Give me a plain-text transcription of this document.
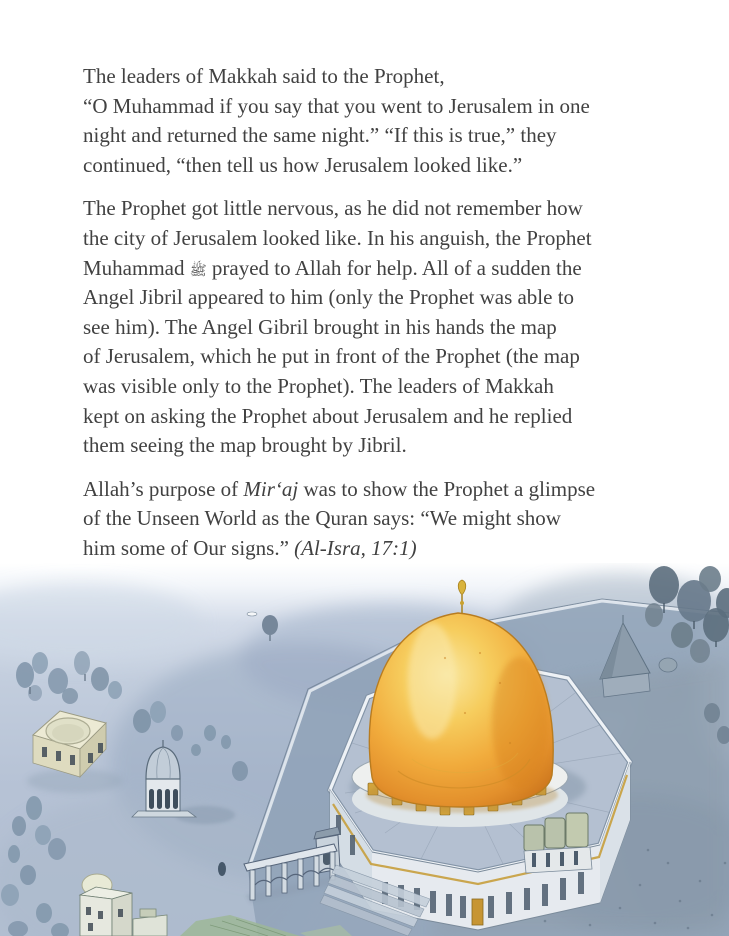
The leaders of Makkah said to the Prophet,
“O Muhammad if you say that you went to Jerusalem in one
night and returned the same night.” “If this is true,” they
continued, “then tell us how Jerusalem looked like.”
The Prophet got little nervous, as he did not remember how
the city of Jerusalem looked like. In his anguish, the Prophet
Muhammad ﷺ prayed to Allah for help. All of a sudden the
Angel Jibril appeared to him (only the Prophet was able to
see him). The Angel Gibril brought in his hands the map
of Jerusalem, which he put in front of the Prophet (the map
was visible only to the Prophet). The leaders of Makkah
kept on asking the Prophet about Jerusalem and he replied
them seeing the map brought by Jibril.
Allah’s purpose of Mir‘aj was to show the Prophet a glimpse
of the Unseen World as the Quran says: “We might show
him some of Our signs.” (Al-Isra, 17:1)
